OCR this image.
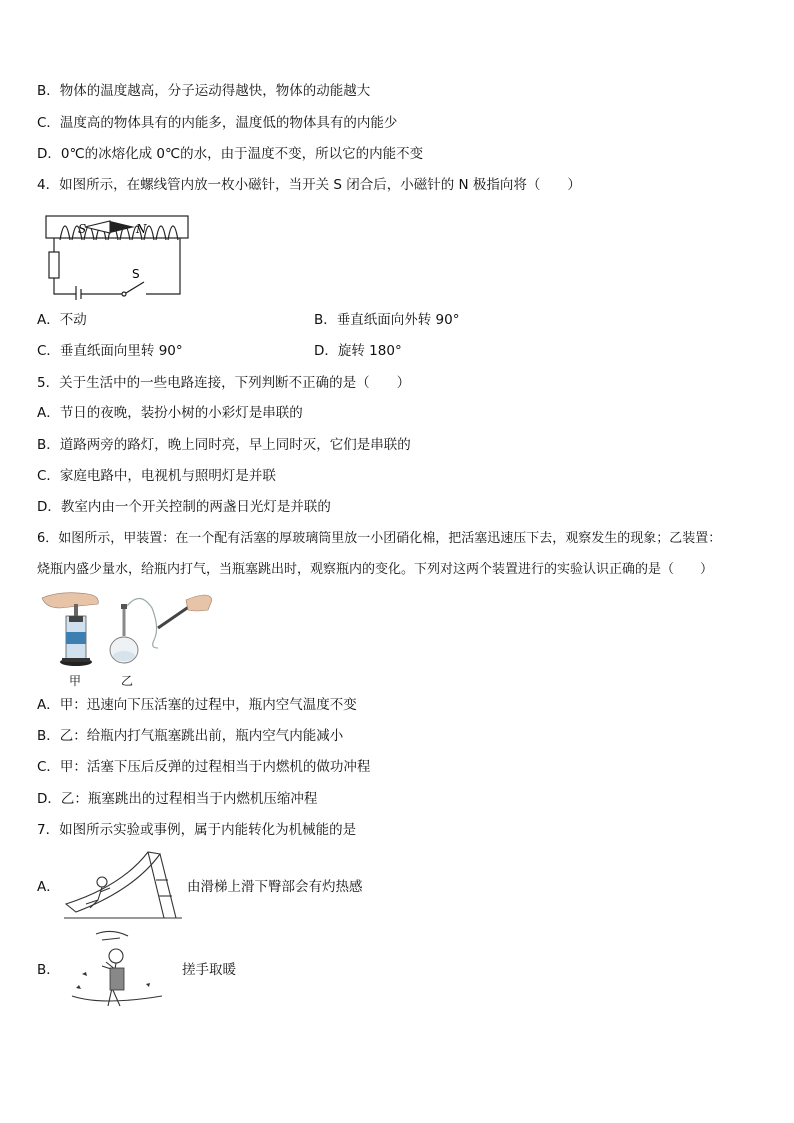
B．物体的温度越高，分子运动得越快，物体的动能越大
C．温度高的物体具有的内能多，温度低的物体具有的内能少
D．0℃的冰熔化成 0℃的水，由于温度不变，所以它的内能不变
4．如图所示，在螺线管内放一枚小磁针，当开关 S 闭合后，小磁针的 N 极指向将（　　）
S	N
S
A．不动	B．垂直纸面向外转 90°
C．垂直纸面向里转 90°	D．旋转 180°
5．关于生活中的一些电路连接，下列判断不正确的是（　　）
A．节日的夜晚，装扮小树的小彩灯是串联的
B．道路两旁的路灯，晚上同时亮，早上同时灭，它们是串联的
C．家庭电路中，电视机与照明灯是并联
D．教室内由一个开关控制的两盏日光灯是并联的
6．如图所示，甲装置：在一个配有活塞的厚玻璃筒里放一小团硝化棉，把活塞迅速压下去，观察发生的现象；乙装置：
烧瓶内盛少量水，给瓶内打气，当瓶塞跳出时，观察瓶内的变化。下列对这两个装置进行的实验认识正确的是（　　）
甲	乙
A．甲：迅速向下压活塞的过程中，瓶内空气温度不变
B．乙：给瓶内打气瓶塞跳出前，瓶内空气内能减小
C．甲：活塞下压后反弹的过程相当于内燃机的做功冲程
D．乙：瓶塞跳出的过程相当于内燃机压缩冲程
7．如图所示实验或事例，属于内能转化为机械能的是
A．	由滑梯上滑下臀部会有灼热感
B．	搓手取暖
